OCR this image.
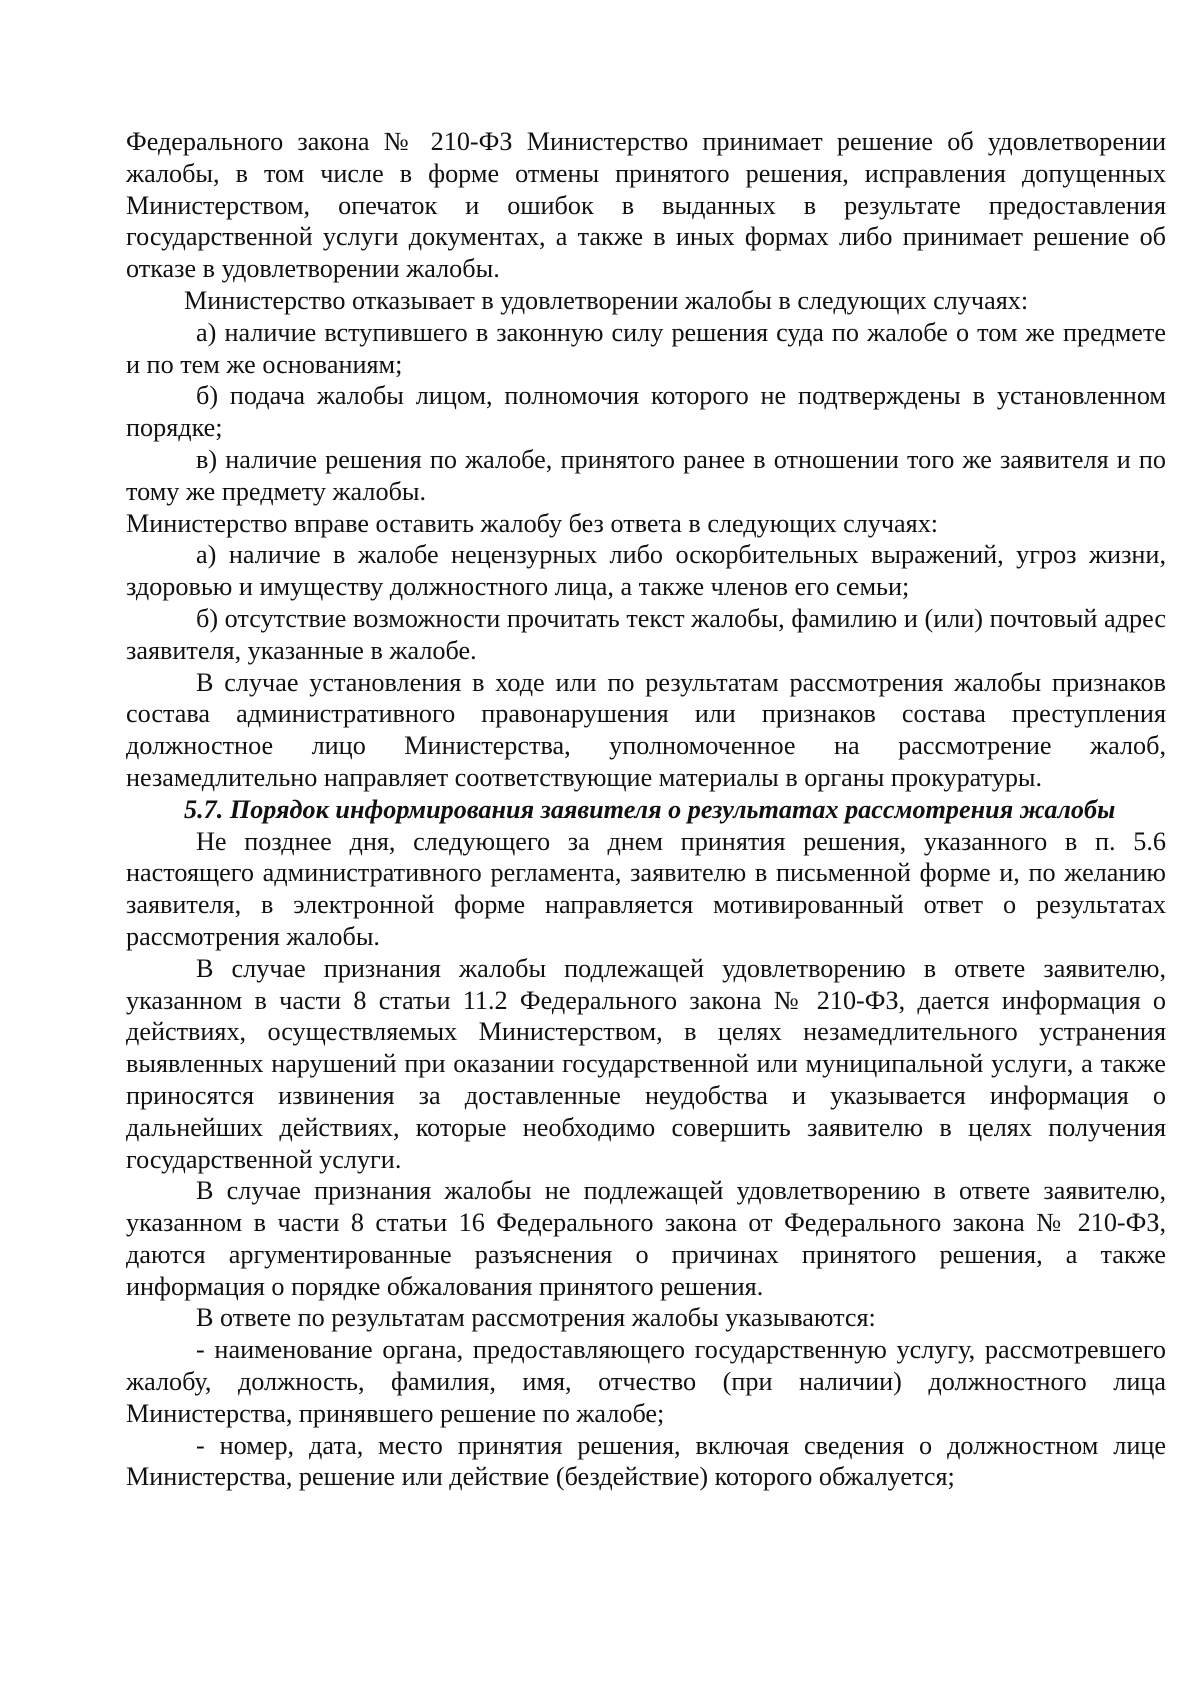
Федерального закона № 210-ФЗ Министерство принимает решение об удовлетворении жалобы, в том числе в форме отмены принятого решения, исправления допущенных Министерством, опечаток и ошибок в выданных в результате предоставления государственной услуги документах, а также в иных формах либо принимает решение об отказе в удовлетворении жалобы.

Министерство отказывает в удовлетворении жалобы в следующих случаях:

а) наличие вступившего в законную силу решения суда по жалобе о том же предмете и по тем же основаниям;

б) подача жалобы лицом, полномочия которого не подтверждены в установленном порядке;

в) наличие решения по жалобе, принятого ранее в отношении того же заявителя и по тому же предмету жалобы.

Министерство вправе оставить жалобу без ответа в следующих случаях:

а) наличие в жалобе нецензурных либо оскорбительных выражений, угроз жизни, здоровью и имуществу должностного лица, а также членов его семьи;

б) отсутствие возможности прочитать текст жалобы, фамилию и (или) почтовый адрес заявителя, указанные в жалобе.

В случае установления в ходе или по результатам рассмотрения жалобы признаков состава административного правонарушения или признаков состава преступления должностное лицо Министерства, уполномоченное на рассмотрение жалоб, незамедлительно направляет соответствующие материалы в органы прокуратуры.

5.7. Порядок информирования заявителя о результатах рассмотрения жалобы

Не позднее дня, следующего за днем принятия решения, указанного в п. 5.6 настоящего административного регламента, заявителю в письменной форме и, по желанию заявителя, в электронной форме направляется мотивированный ответ о результатах рассмотрения жалобы.

В случае признания жалобы подлежащей удовлетворению в ответе заявителю, указанном в части 8 статьи 11.2 Федерального закона № 210-ФЗ, дается информация о действиях, осуществляемых Министерством, в целях незамедлительного устранения выявленных нарушений при оказании государственной или муниципальной услуги, а также приносятся извинения за доставленные неудобства и указывается информация о дальнейших действиях, которые необходимо совершить заявителю в целях получения государственной услуги.

В случае признания жалобы не подлежащей удовлетворению в ответе заявителю, указанном в части 8 статьи 16 Федерального закона от Федерального закона № 210-ФЗ, даются аргументированные разъяснения о причинах принятого решения, а также информация о порядке обжалования принятого решения.

В ответе по результатам рассмотрения жалобы указываются:

- наименование органа, предоставляющего государственную услугу, рассмотревшего жалобу, должность, фамилия, имя, отчество (при наличии) должностного лица Министерства, принявшего решение по жалобе;

- номер, дата, место принятия решения, включая сведения о должностном лице Министерства, решение или действие (бездействие) которого обжалуется;
